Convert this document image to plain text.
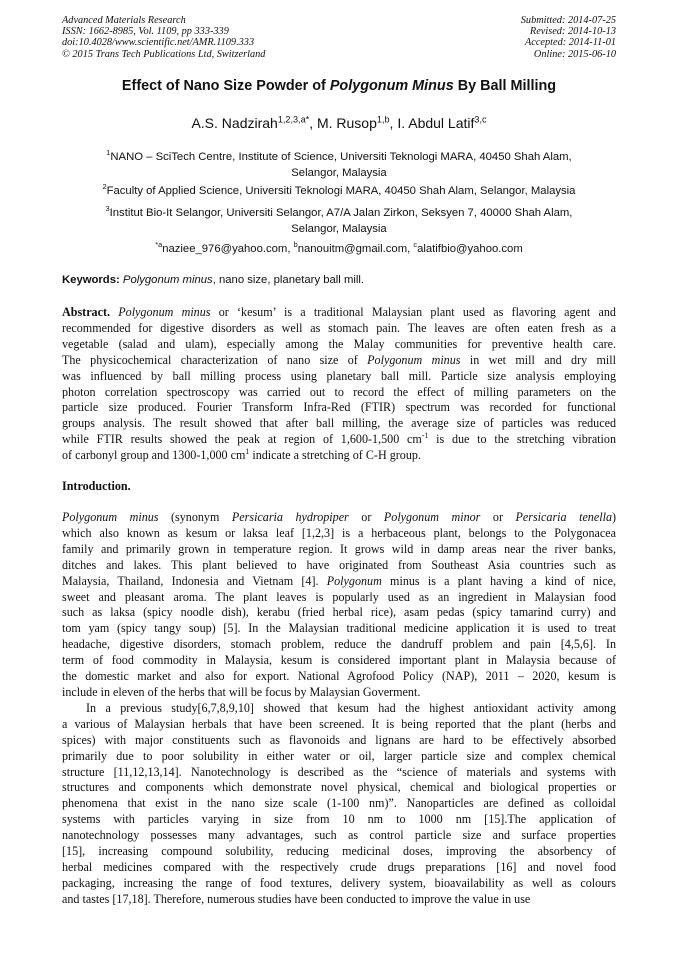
Advanced Materials Research
ISSN: 1662-8985, Vol. 1109, pp 333-339
doi:10.4028/www.scientific.net/AMR.1109.333
© 2015 Trans Tech Publications Ltd, Switzerland
Submitted: 2014-07-25
Revised: 2014-10-13
Accepted: 2014-11-01
Online: 2015-06-10
Effect of Nano Size Powder of Polygonum Minus By Ball Milling
A.S. Nadzirah$^{1,2,3,a*}$, M. Rusop$^{1,b}$, I. Abdul Latif$^{3,c}$
$^1$NANO – SciTech Centre, Institute of Science, Universiti Teknologi MARA, 40450 Shah Alam,
Selangor, Malaysia
$^2$Faculty of Applied Science, Universiti Teknologi MARA, 40450 Shah Alam, Selangor, Malaysia
$^3$Institut Bio-It Selangor, Universiti Selangor, A7/A Jalan Zirkon, Seksyen 7, 40000 Shah Alam,
Selangor, Malaysia
$^{*a}$naziee_976@yahoo.com, $^b$nanouitm@gmail.com, $^c$alatifbio@yahoo.com
Keywords: Polygonum minus, nano size, planetary ball mill.
Abstract. Polygonum minus or ‘kesum’ is a traditional Malaysian plant used as flavoring agent and
recommended for digestive disorders as well as stomach pain. The leaves are often eaten fresh as a
vegetable (salad and ulam), especially among the Malay communities for preventive health care.
The physicochemical characterization of nano size of Polygonum minus in wet mill and dry mill
was influenced by ball milling process using planetary ball mill. Particle size analysis employing
photon correlation spectroscopy was carried out to record the effect of milling parameters on the
particle size produced. Fourier Transform Infra-Red (FTIR) spectrum was recorded for functional
groups analysis. The result showed that after ball milling, the average size of particles was reduced
while FTIR results showed the peak at region of 1,600-1,500 $cm^{-1}$ is due to the stretching vibration
of carbonyl group and 1300-1,000 $cm^1$ indicate a stretching of C-H group.
Introduction.
Polygonum minus (synonym Persicaria hydropiper or Polygonum minor or Persicaria tenella)
which also known as kesum or laksa leaf [1,2,3] is a herbaceous plant, belongs to the Polygonacea
family and primarily grown in temperature region. It grows wild in damp areas near the river banks,
ditches and lakes. This plant believed to have originated from Southeast Asia countries such as
Malaysia, Thailand, Indonesia and Vietnam [4]. Polygonum minus is a plant having a kind of nice,
sweet and pleasant aroma. The plant leaves is popularly used as an ingredient in Malaysian food
such as laksa (spicy noodle dish), kerabu (fried herbal rice), asam pedas (spicy tamarind curry) and
tom yam (spicy tangy soup) [5]. In the Malaysian traditional medicine application it is used to treat
headache, digestive disorders, stomach problem, reduce the dandruff problem and pain [4,5,6]. In
term of food commodity in Malaysia, kesum is considered important plant in Malaysia because of
the domestic market and also for export. National Agrofood Policy (NAP), 2011 – 2020, kesum is
include in eleven of the herbs that will be focus by Malaysian Goverment.
In a previous study[6,7,8,9,10] showed that kesum had the highest antioxidant activity among
a various of Malaysian herbals that have been screened. It is being reported that the plant (herbs and
spices) with major constituents such as flavonoids and lignans are hard to be effectively absorbed
primarily due to poor solubility in either water or oil, larger particle size and complex chemical
structure [11,12,13,14]. Nanotechnology is described as the “science of materials and systems with
structures and components which demonstrate novel physical, chemical and biological properties or
phenomena that exist in the nano size scale (1-100 nm)”. Nanoparticles are defined as colloidal
systems with particles varying in size from 10 nm to 1000 nm [15].The application of
nanotechnology possesses many advantages, such as control particle size and surface properties
[15], increasing compound solubility, reducing medicinal doses, improving the absorbency of
herbal medicines compared with the respectively crude drugs preparations [16] and novel food
packaging, increasing the range of food textures, delivery system, bioavailability as well as colours
and tastes [17,18]. Therefore, numerous studies have been conducted to improve the value in use
